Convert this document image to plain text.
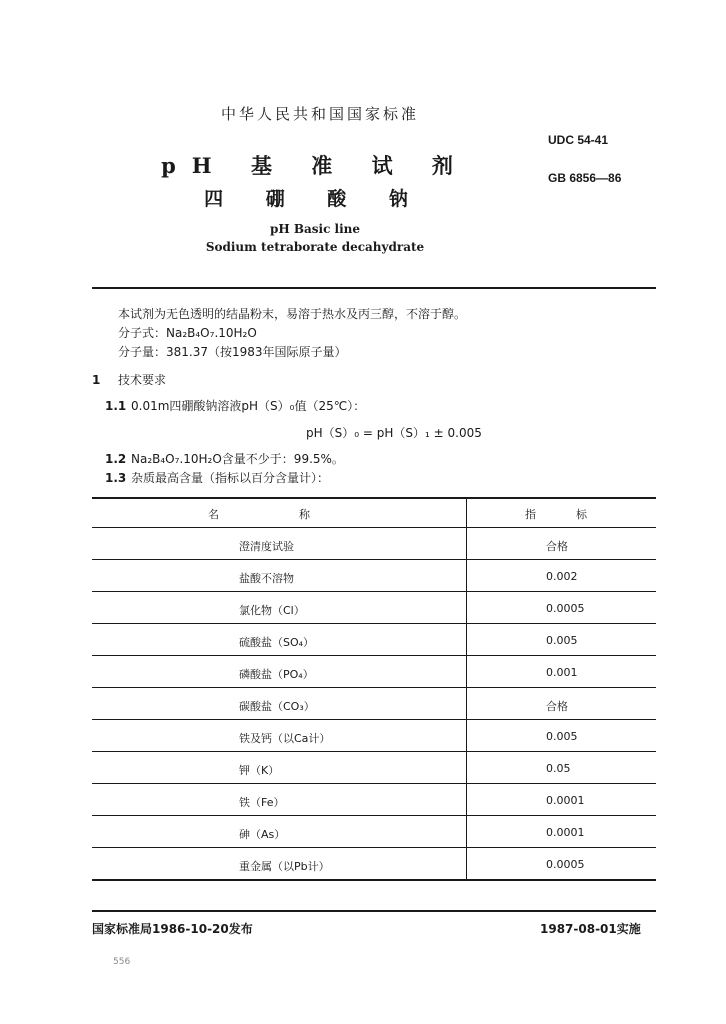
中华人民共和国国家标准
UDC 54-41
GB 6856—86
pH 基 准 试 剂
四 硼 酸 钠
pH Basic line
Sodium tetraborate decahydrate
本试剂为无色透明的结晶粉末，易溶于热水及丙三醇，不溶于醇。
分子式：Na₂B₄O₇.10H₂O
分子量：381.37（按1983年国际原子量）
1 技术要求
1.1 0.01m四硼酸钠溶液pH（S）₀值（25℃）：
pH（S）₀ = pH（S）₁ ± 0.005
1.2 Na₂B₄O₇.10H₂O含量不少于：99.5%。
1.3 杂质最高含量（指标以百分含量计）：
名称	指标
澄清度试验	合格
盐酸不溶物	0.002
氯化物（Cl）	0.0005
硫酸盐（SO₄）	0.005
磷酸盐（PO₄）	0.001
碳酸盐（CO₃）	合格
铁及钙（以Ca计）	0.005
钾（K）	0.05
铁（Fe）	0.0001
砷（As）	0.0001
重金属（以Pb计）	0.0005
国家标准局1986-10-20发布	1987-08-01实施
556
